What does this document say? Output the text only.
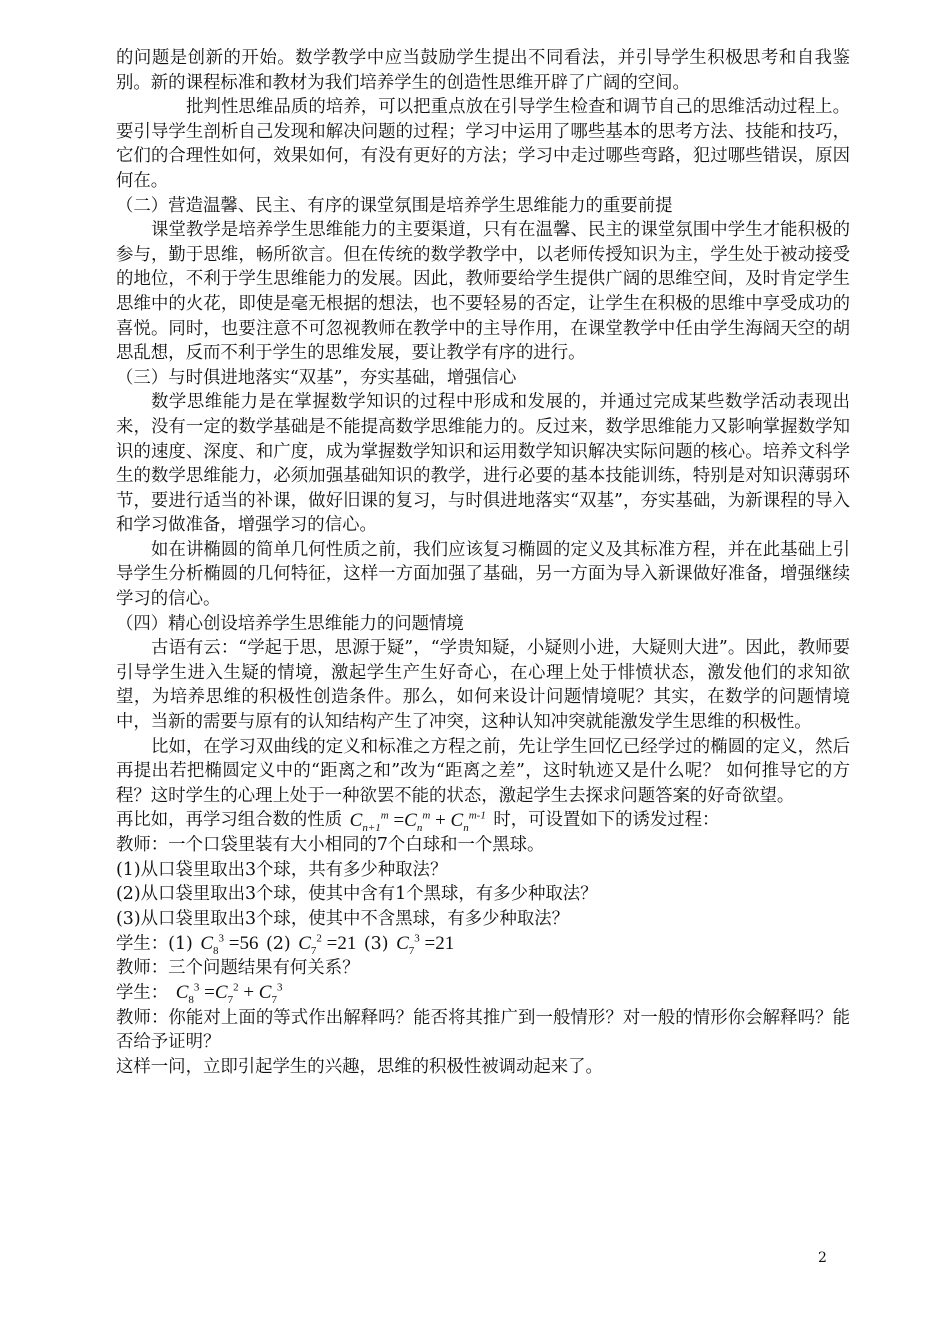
的问题是创新的开始。数学教学中应当鼓励学生提出不同看法，并引导学生积极思考和自我鉴别。新的课程标准和教材为我们培养学生的创造性思维开辟了广阔的空间。

批判性思维品质的培养，可以把重点放在引导学生检查和调节自己的思维活动过程上。要引导学生剖析自己发现和解决问题的过程；学习中运用了哪些基本的思考方法、技能和技巧，它们的合理性如何，效果如何，有没有更好的方法；学习中走过哪些弯路，犯过哪些错误，原因何在。

（二）营造温馨、民主、有序的课堂氛围是培养学生思维能力的重要前提

课堂教学是培养学生思维能力的主要渠道，只有在温馨、民主的课堂氛围中学生才能积极的参与，勤于思维，畅所欲言。但在传统的数学教学中，以老师传授知识为主，学生处于被动接受的地位，不利于学生思维能力的发展。因此，教师要给学生提供广阔的思维空间，及时肯定学生思维中的火花，即使是毫无根据的想法，也不要轻易的否定，让学生在积极的思维中享受成功的喜悦。同时，也要注意不可忽视教师在教学中的主导作用，在课堂教学中任由学生海阔天空的胡思乱想，反而不利于学生的思维发展，要让教学有序的进行。

（三）与时俱进地落实“双基”，夯实基础，增强信心

数学思维能力是在掌握数学知识的过程中形成和发展的，并通过完成某些数学活动表现出来，没有一定的数学基础是不能提高数学思维能力的。反过来，数学思维能力又影响掌握数学知识的速度、深度、和广度，成为掌握数学知识和运用数学知识解决实际问题的核心。培养文科学生的数学思维能力，必须加强基础知识的教学，进行必要的基本技能训练，特别是对知识薄弱环节，要进行适当的补课，做好旧课的复习，与时俱进地落实“双基”，夯实基础，为新课程的导入和学习做准备，增强学习的信心。

如在讲椭圆的简单几何性质之前，我们应该复习椭圆的定义及其标准方程，并在此基础上引导学生分析椭圆的几何特征，这样一方面加强了基础，另一方面为导入新课做好准备，增强继续学习的信心。

（四）精心创设培养学生思维能力的问题情境

古语有云：“学起于思，思源于疑”，“学贵知疑，小疑则小进，大疑则大进”。因此，教师要引导学生进入生疑的情境，激起学生产生好奇心，在心理上处于悱愤状态，激发他们的求知欲望，为培养思维的积极性创造条件。那么，如何来设计问题情境呢？其实，在数学的问题情境中，当新的需要与原有的认知结构产生了冲突，这种认知冲突就能激发学生思维的积极性。

比如，在学习双曲线的定义和标准之方程之前，先让学生回忆已经学过的椭圆的定义，然后再提出若把椭圆定义中的“距离之和”改为“距离之差”，这时轨迹又是什么呢？ 如何推导它的方程？这时学生的心理上处于一种欲罢不能的状态，激起学生去探求问题答案的好奇欲望。

再比如，再学习组合数的性质 $C_{n+1}^m =C_n^m + C_n^{m-1}$ 时，可设置如下的诱发过程：

教师：一个口袋里装有大小相同的7个白球和一个黑球。

(1)从口袋里取出3个球，共有多少种取法？

(2)从口袋里取出3个球，使其中含有1个黑球，有多少种取法？

(3)从口袋里取出3个球，使其中不含黑球，有多少种取法？

学生：(1) $C_8^3 =56$ (2) $C_7^2 =21$ (3) $C_7^3 =21$

教师：三个问题结果有何关系？

学生： $C_8^3 =C_7^2 + C_7^3$

教师：你能对上面的等式作出解释吗？能否将其推广到一般情形？对一般的情形你会解释吗？能否给予证明？

这样一问，立即引起学生的兴趣，思维的积极性被调动起来了。

2
